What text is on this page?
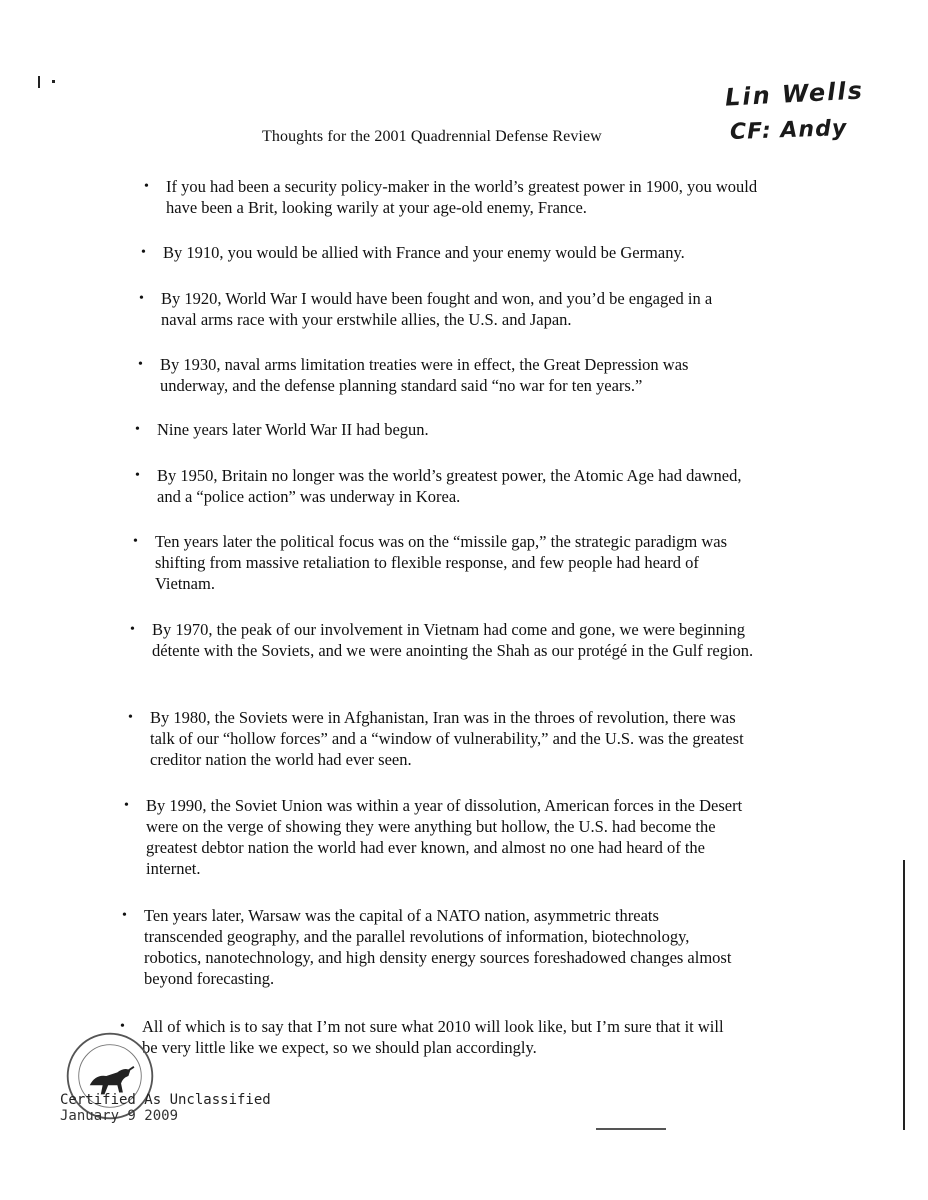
Lin Wells
CF: Andy
Thoughts for the 2001 Quadrennial Defense Review
• If you had been a security policy-maker in the world’s greatest power in 1900, you would have been a Brit, looking warily at your age-old enemy, France.
• By 1910, you would be allied with France and your enemy would be Germany.
• By 1920, World War I would have been fought and won, and you’d be engaged in a naval arms race with your erstwhile allies, the U.S. and Japan.
• By 1930, naval arms limitation treaties were in effect, the Great Depression was underway, and the defense planning standard said “no war for ten years.”
• Nine years later World War II had begun.
• By 1950, Britain no longer was the world’s greatest power, the Atomic Age had dawned, and a “police action” was underway in Korea.
• Ten years later the political focus was on the “missile gap,” the strategic paradigm was shifting from massive retaliation to flexible response, and few people had heard of Vietnam.
• By 1970, the peak of our involvement in Vietnam had come and gone, we were beginning détente with the Soviets, and we were anointing the Shah as our protégé in the Gulf region.
• By 1980, the Soviets were in Afghanistan, Iran was in the throes of revolution, there was talk of our “hollow forces” and a “window of vulnerability,” and the U.S. was the greatest creditor nation the world had ever seen.
• By 1990, the Soviet Union was within a year of dissolution, American forces in the Desert were on the verge of showing they were anything but hollow, the U.S. had become the greatest debtor nation the world had ever known, and almost no one had heard of the internet.
• Ten years later, Warsaw was the capital of a NATO nation, asymmetric threats transcended geography, and the parallel revolutions of information, biotechnology, robotics, nanotechnology, and high density energy sources foreshadowed changes almost beyond forecasting.
• All of which is to say that I’m not sure what 2010 will look like, but I’m sure that it will be very little like we expect, so we should plan accordingly.
Certified As Unclassified
January 9 2009
